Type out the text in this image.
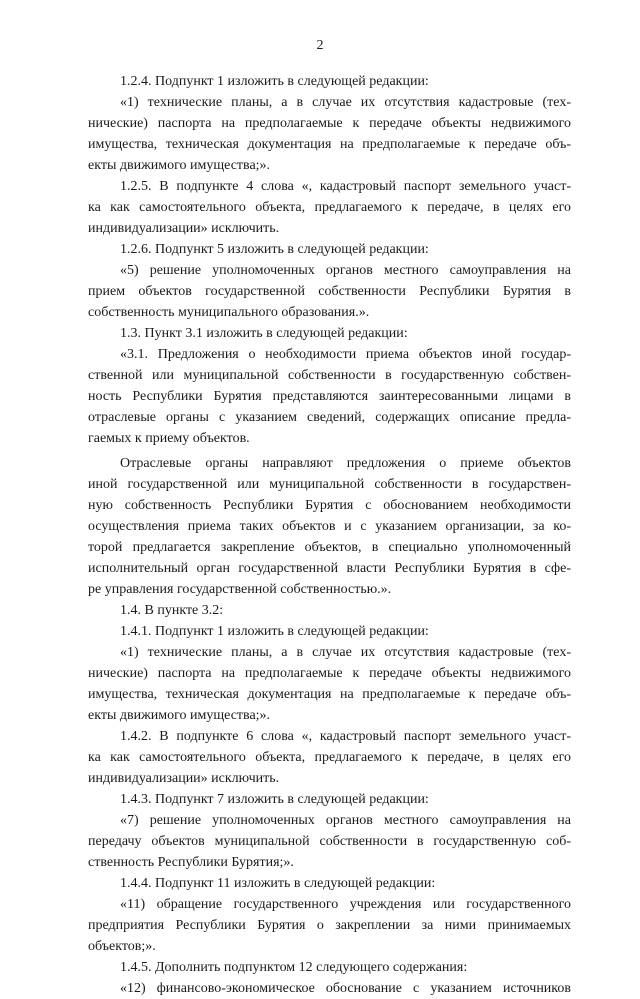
2
1.2.4. Подпункт 1 изложить в следующей редакции:
«1) технические планы, а в случае их отсутствия кадастровые (тех-
нические) паспорта на предполагаемые к передаче объекты недвижимого
имущества, техническая документация на предполагаемые к передаче объ-
екты движимого имущества;».
1.2.5. В подпункте 4 слова «, кадастровый паспорт земельного участ-
ка как самостоятельного объекта, предлагаемого к передаче, в целях его
индивидуализации» исключить.
1.2.6. Подпункт 5 изложить в следующей редакции:
«5) решение уполномоченных органов местного самоуправления на
прием объектов государственной собственности Республики Бурятия в
собственность муниципального образования.».
1.3. Пункт 3.1 изложить в следующей редакции:
«3.1. Предложения о необходимости приема объектов иной государ-
ственной или муниципальной собственности в государственную собствен-
ность Республики Бурятия представляются заинтересованными лицами в
отраслевые органы с указанием сведений, содержащих описание предла-
гаемых к приему объектов.
Отраслевые органы направляют предложения о приеме объектов
иной государственной или муниципальной собственности в государствен-
ную собственность Республики Бурятия с обоснованием необходимости
осуществления приема таких объектов и с указанием организации, за ко-
торой предлагается закрепление объектов, в специально уполномоченный
исполнительный орган государственной власти Республики Бурятия в сфе-
ре управления государственной собственностью.».
1.4. В пункте 3.2:
1.4.1. Подпункт 1 изложить в следующей редакции:
«1) технические планы, а в случае их отсутствия кадастровые (тех-
нические) паспорта на предполагаемые к передаче объекты недвижимого
имущества, техническая документация на предполагаемые к передаче объ-
екты движимого имущества;».
1.4.2. В подпункте 6 слова «, кадастровый паспорт земельного участ-
ка как самостоятельного объекта, предлагаемого к передаче, в целях его
индивидуализации» исключить.
1.4.3. Подпункт 7 изложить в следующей редакции:
«7) решение уполномоченных органов местного самоуправления на
передачу объектов муниципальной собственности в государственную соб-
ственность Республики Бурятия;».
1.4.4. Подпункт 11 изложить в следующей редакции:
«11) обращение государственного учреждения или государственного
предприятия Республики Бурятия о закреплении за ними принимаемых
объектов;».
1.4.5. Дополнить подпунктом 12 следующего содержания:
«12) финансово-экономическое обоснование с указанием источников
